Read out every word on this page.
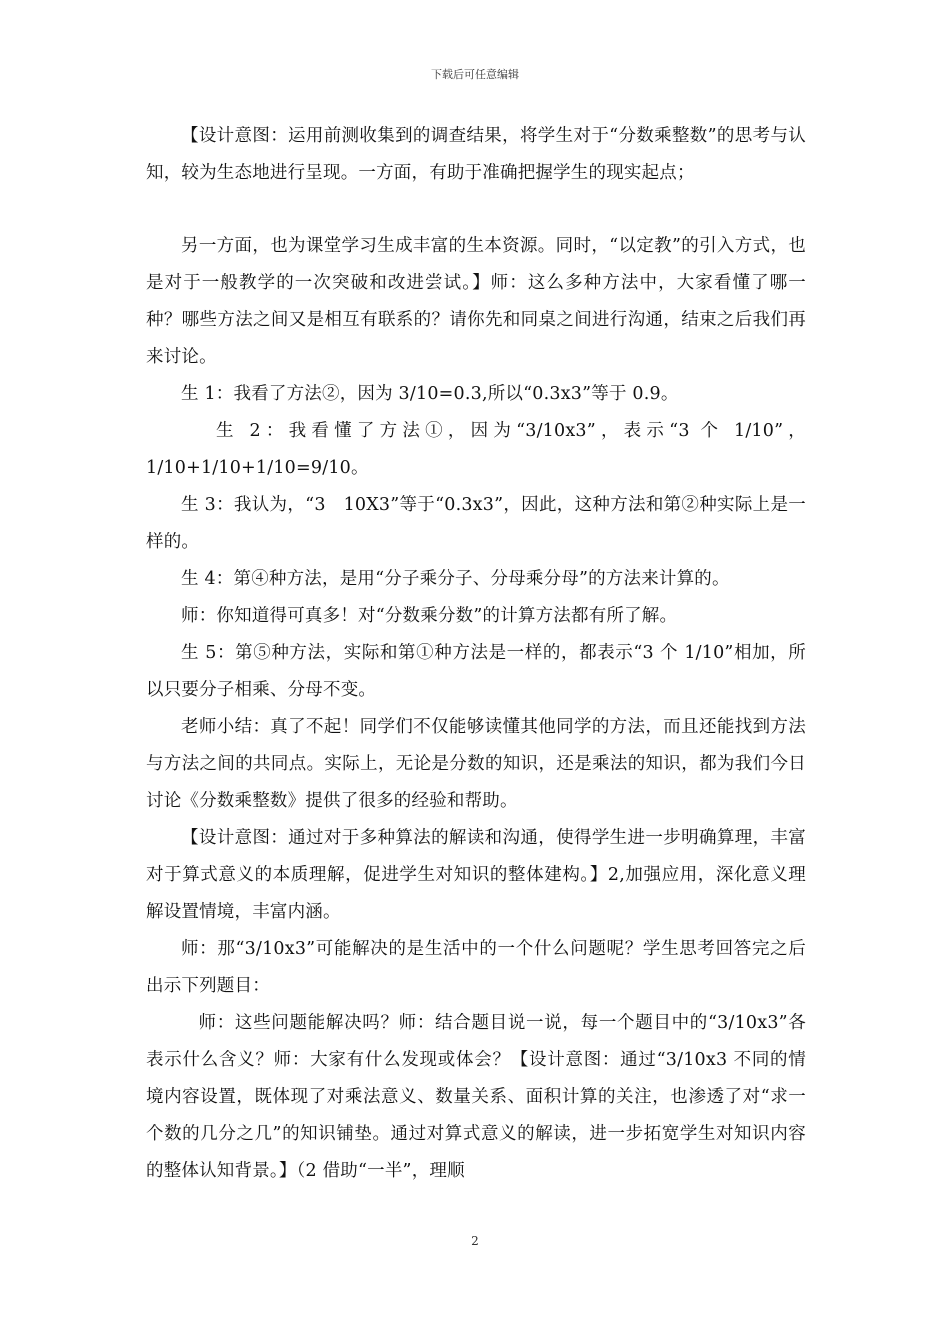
下载后可任意编辑

【设计意图：运用前测收集到的调查结果，将学生对于“分数乘整数”的思考与认知，较为生态地进行呈现。一方面，有助于准确把握学生的现实起点；

另一方面，也为课堂学习生成丰富的生本资源。同时，“以定教”的引入方式，也是对于一般教学的一次突破和改进尝试。】师：这么多种方法中，大家看懂了哪一种？哪些方法之间又是相互有联系的？请你先和同桌之间进行沟通，结束之后我们再来讨论。

生 1：我看了方法②，因为 3/10=0.3,所以“0.3x3”等于 0.9。

生 2：我看懂了方法①，因为“3/10x3”，表示“3 个 1/10”，1/10+1/10+1/10=9/10。

生 3：我认为，“3　10X3”等于“0.3x3”，因此，这种方法和第②种实际上是一样的。

生 4：第④种方法，是用“分子乘分子、分母乘分母”的方法来计算的。

师：你知道得可真多！对“分数乘分数”的计算方法都有所了解。

生 5：第⑤种方法，实际和第①种方法是一样的，都表示“3 个 1/10”相加，所以只要分子相乘、分母不变。

老师小结：真了不起！同学们不仅能够读懂其他同学的方法，而且还能找到方法与方法之间的共同点。实际上，无论是分数的知识，还是乘法的知识，都为我们今日讨论《分数乘整数》提供了很多的经验和帮助。

【设计意图：通过对于多种算法的解读和沟通，使得学生进一步明确算理，丰富对于算式意义的本质理解，促进学生对知识的整体建构。】2,加强应用，深化意义理解设置情境，丰富内涵。

师：那“3/10x3”可能解决的是生活中的一个什么问题呢？学生思考回答完之后出示下列题目：

师：这些问题能解决吗？师：结合题目说一说，每一个题目中的“3/10x3”各表示什么含义？师：大家有什么发现或体会？【设计意图：通过“3/10x3 不同的情境内容设置，既体现了对乘法意义、数量关系、面积计算的关注，也渗透了对“求一个数的几分之几”的知识铺垫。通过对算式意义的解读，进一步拓宽学生对知识内容的整体认知背景。】（2 借助“一半”，理顺

2
